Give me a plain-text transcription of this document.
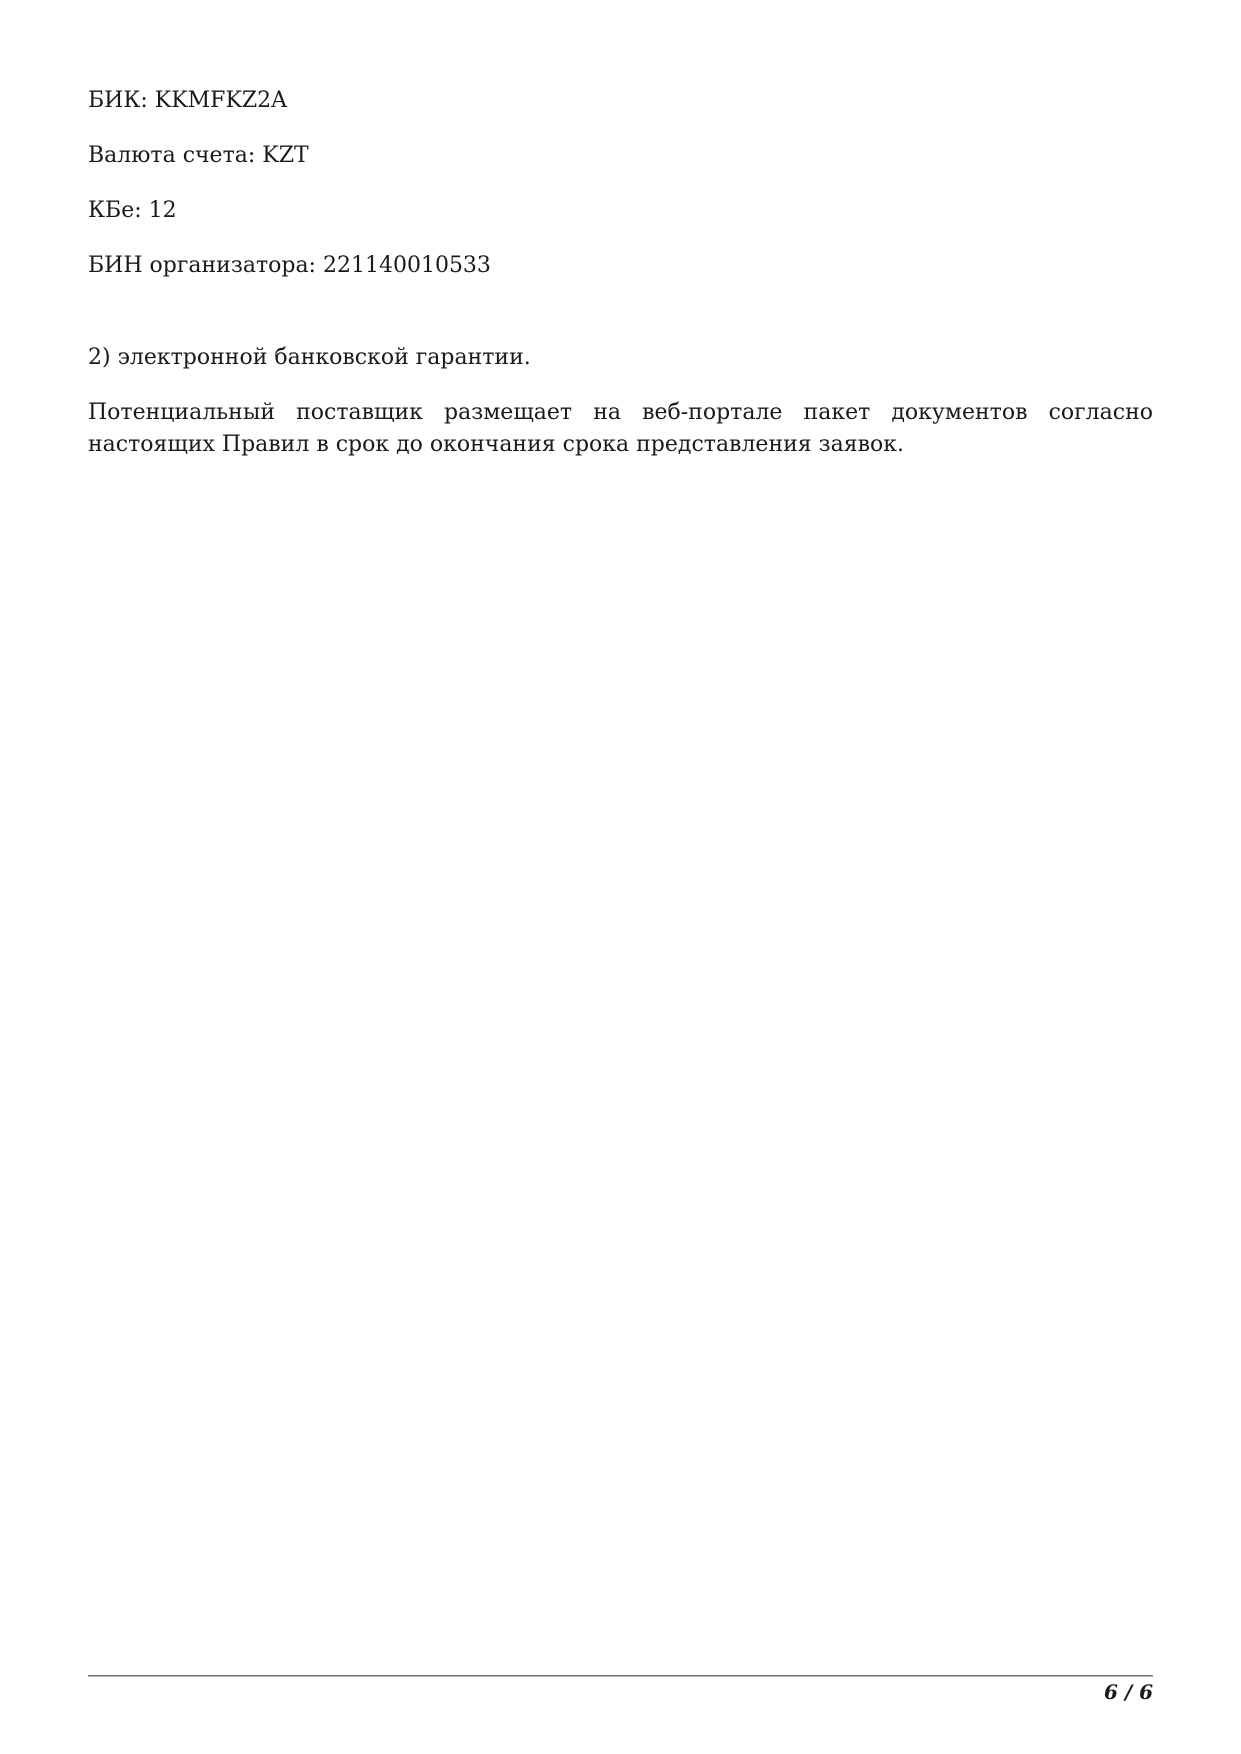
БИК: KKMFKZ2A

Валюта счета: KZT

КБе: 12

БИН организатора: 221140010533

2) электронной банковской гарантии.

Потенциальный поставщик размещает на веб-портале пакет документов согласно настоящих Правил в срок до окончания срока представления заявок.

6 / 6
